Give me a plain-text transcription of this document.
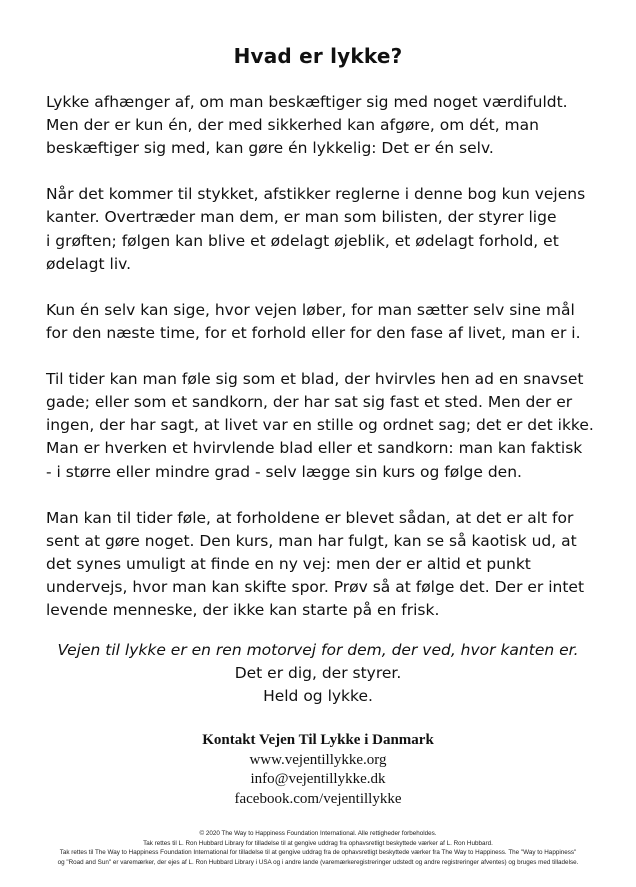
Hvad er lykke?

Lykke afhænger af, om man beskæftiger sig med noget værdifuldt.
Men der er kun én, der med sikkerhed kan afgøre, om dét, man
beskæftiger sig med, kan gøre én lykkelig: Det er én selv.

Når det kommer til stykket, afstikker reglerne i denne bog kun vejens
kanter. Overtræder man dem, er man som bilisten, der styrer lige
i grøften; følgen kan blive et ødelagt øjeblik, et ødelagt forhold, et
ødelagt liv.

Kun én selv kan sige, hvor vejen løber, for man sætter selv sine mål
for den næste time, for et forhold eller for den fase af livet, man er i.

Til tider kan man føle sig som et blad, der hvirvles hen ad en snavset
gade; eller som et sandkorn, der har sat sig fast et sted. Men der er
ingen, der har sagt, at livet var en stille og ordnet sag; det er det ikke.
Man er hverken et hvirvlende blad eller et sandkorn: man kan faktisk
- i større eller mindre grad - selv lægge sin kurs og følge den.

Man kan til tider føle, at forholdene er blevet sådan, at det er alt for
sent at gøre noget. Den kurs, man har fulgt, kan se så kaotisk ud, at
det synes umuligt at finde en ny vej: men der er altid et punkt
undervejs, hvor man kan skifte spor. Prøv så at følge det. Der er intet
levende menneske, der ikke kan starte på en frisk.

Vejen til lykke er en ren motorvej for dem, der ved, hvor kanten er.
Det er dig, der styrer.
Held og lykke.
Kontakt Vejen Til Lykke i Danmark
www.vejentillykke.org
info@vejentillykke.dk
facebook.com/vejentillykke
© 2020 The Way to Happiness Foundation International. Alle rettigheder forbeholdes.
Tak rettes til L. Ron Hubbard Library for tilladelse til at gengive uddrag fra ophavsretligt beskyttede værker af L. Ron Hubbard.
Tak rettes til The Way to Happiness Foundation International for tilladelse til at gengive uddrag fra de ophavsretligt beskyttede værker fra The Way to Happiness. The "Way to Happiness"
og "Road and Sun" er varemærker, der ejes af L. Ron Hubbard Library i USA og i andre lande (varemærkeregistreringer udstedt og andre registreringer afventes) og bruges med tilladelse.
